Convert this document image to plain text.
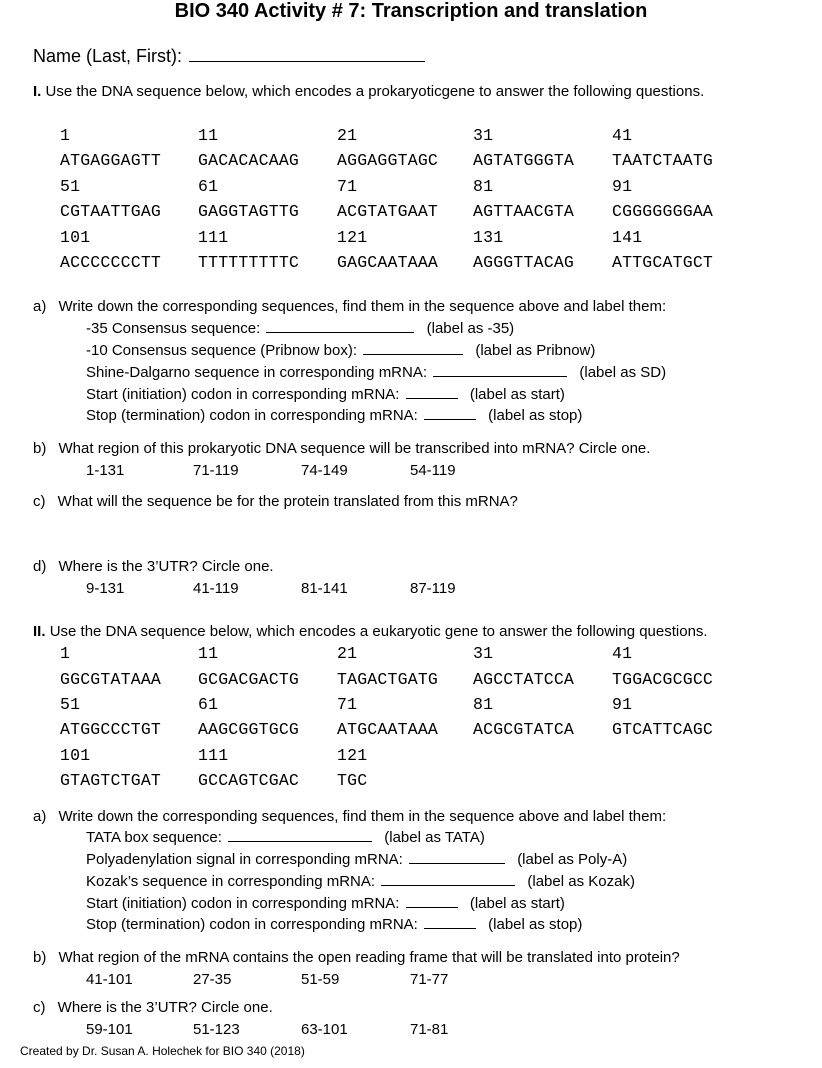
BIO 340 Activity # 7: Transcription and translation
Name (Last, First):
I. Use the DNA sequence below, which encodes a prokaryoticgene to answer the following questions.
1	11	21	31	41
ATGAGGAGTT GACACACAAG AGGAGGTAGC AGTATGGGTA TAATCTAATG
51	61	71	81	91
CGTAATTGAG GAGGTAGTTG ACGTATGAAT AGTTAACGTA CGGGGGGGAA
101	111	121	131	141
ACCCCCCCTT TTTTTTTTTC GAGCAATAAA AGGGTTACAG ATTGCATGCT
a) Write down the corresponding sequences, find them in the sequence above and label them:
-35 Consensus sequence:	(label as -35)
-10 Consensus sequence (Pribnow box):	(label as Pribnow)
Shine-Dalgarno sequence in corresponding mRNA:	(label as SD)
Start (initiation) codon in corresponding mRNA:	(label as start)
Stop (termination) codon in corresponding mRNA:	(label as stop)
b) What region of this prokaryotic DNA sequence will be transcribed into mRNA? Circle one.
1-131	71-119	74-149	54-119
c) What will the sequence be for the protein translated from this mRNA?
d) Where is the 3’UTR? Circle one.
9-131	41-119	81-141	87-119
II. Use the DNA sequence below, which encodes a eukaryotic gene to answer the following questions.
1	11	21	31	41
GGCGTATAAA GCGACGACTG TAGACTGATG AGCCTATCCA TGGACGCGCC
51	61	71	81	91
ATGGCCCTGT AAGCGGTGCG ATGCAATAAA ACGCGTATCA GTCATTCAGC
101	111	121
GTAGTCTGAT GCCAGTCGAC TGC
a) Write down the corresponding sequences, find them in the sequence above and label them:
TATA box sequence:	(label as TATA)
Polyadenylation signal in corresponding mRNA:	(label as Poly-A)
Kozak’s sequence in corresponding mRNA:	(label as Kozak)
Start (initiation) codon in corresponding mRNA:	(label as start)
Stop (termination) codon in corresponding mRNA:	(label as stop)
b) What region of the mRNA contains the open reading frame that will be translated into protein?
41-101	27-35	51-59	71-77
c) Where is the 3’UTR? Circle one.
59-101	51-123	63-101	71-81
Created by Dr. Susan A. Holechek for BIO 340 (2018)
